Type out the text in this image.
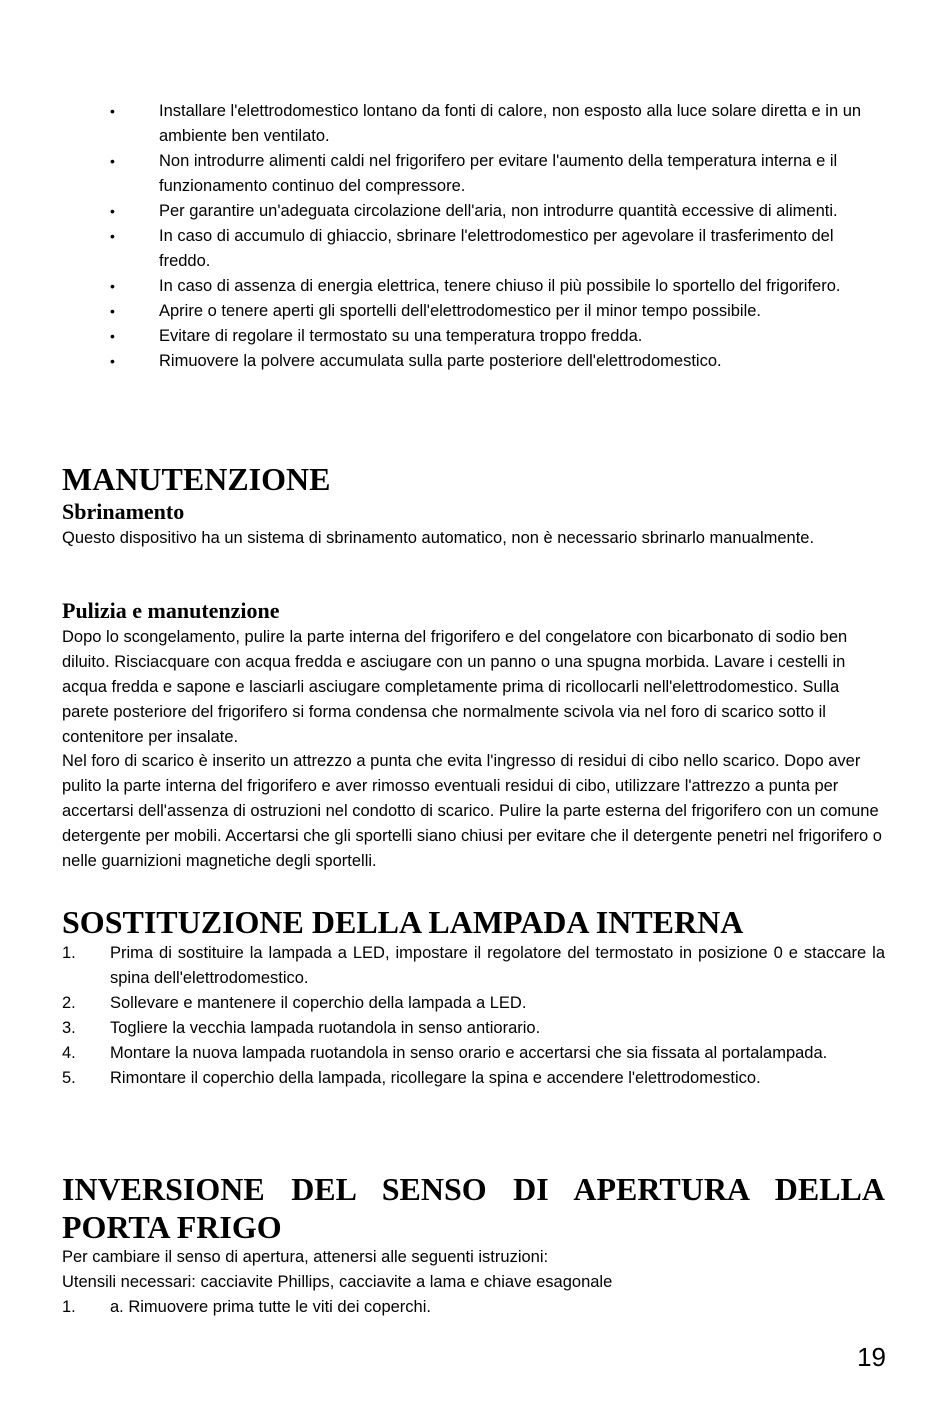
•	Installare l'elettrodomestico lontano da fonti di calore, non esposto alla luce solare diretta e in un ambiente ben ventilato.
•	Non introdurre alimenti caldi nel frigorifero per evitare l'aumento della temperatura interna e il funzionamento continuo del compressore.
•	Per garantire un'adeguata circolazione dell'aria, non introdurre quantità eccessive di alimenti.
•	In caso di accumulo di ghiaccio, sbrinare l'elettrodomestico per agevolare il trasferimento del freddo.
•	In caso di assenza di energia elettrica, tenere chiuso il più possibile lo sportello del frigorifero.
•	Aprire o tenere aperti gli sportelli dell'elettrodomestico per il minor tempo possibile.
•	Evitare di regolare il termostato su una temperatura troppo fredda.
•	Rimuovere la polvere accumulata sulla parte posteriore dell'elettrodomestico.
MANUTENZIONE
Sbrinamento

Questo dispositivo ha un sistema di sbrinamento automatico, non è necessario sbrinarlo manualmente.

Pulizia e manutenzione

Dopo lo scongelamento, pulire la parte interna del frigorifero e del congelatore con bicarbonato di sodio ben diluito. Risciacquare con acqua fredda e asciugare con un panno o una spugna morbida. Lavare i cestelli in acqua fredda e sapone e lasciarli asciugare completamente prima di ricollocarli nell'elettrodomestico. Sulla parete posteriore del frigorifero si forma condensa che normalmente scivola via nel foro di scarico sotto il contenitore per insalate.

Nel foro di scarico è inserito un attrezzo a punta che evita l'ingresso di residui di cibo nello scarico. Dopo aver pulito la parte interna del frigorifero e aver rimosso eventuali residui di cibo, utilizzare l'attrezzo a punta per accertarsi dell'assenza di ostruzioni nel condotto di scarico. Pulire la parte esterna del frigorifero con un comune detergente per mobili. Accertarsi che gli sportelli siano chiusi per evitare che il detergente penetri nel frigorifero o nelle guarnizioni magnetiche degli sportelli.

SOSTITUZIONE DELLA LAMPADA INTERNA
1. Prima di sostituire la lampada a LED, impostare il regolatore del termostato in posizione 0 e staccare la spina dell'elettrodomestico.
2. Sollevare e mantenere il coperchio della lampada a LED.
3. Togliere la vecchia lampada ruotandola in senso antiorario.
4. Montare la nuova lampada ruotandola in senso orario e accertarsi che sia fissata al portalampada.
5. Rimontare il coperchio della lampada, ricollegare la spina e accendere l'elettrodomestico.
INVERSIONE DEL SENSO DI APERTURA DELLA PORTA FRIGO

Per cambiare il senso di apertura, attenersi alle seguenti istruzioni:

Utensili necessari: cacciavite Phillips, cacciavite a lama e chiave esagonale

1. a. Rimuovere prima tutte le viti dei coperchi.
19
